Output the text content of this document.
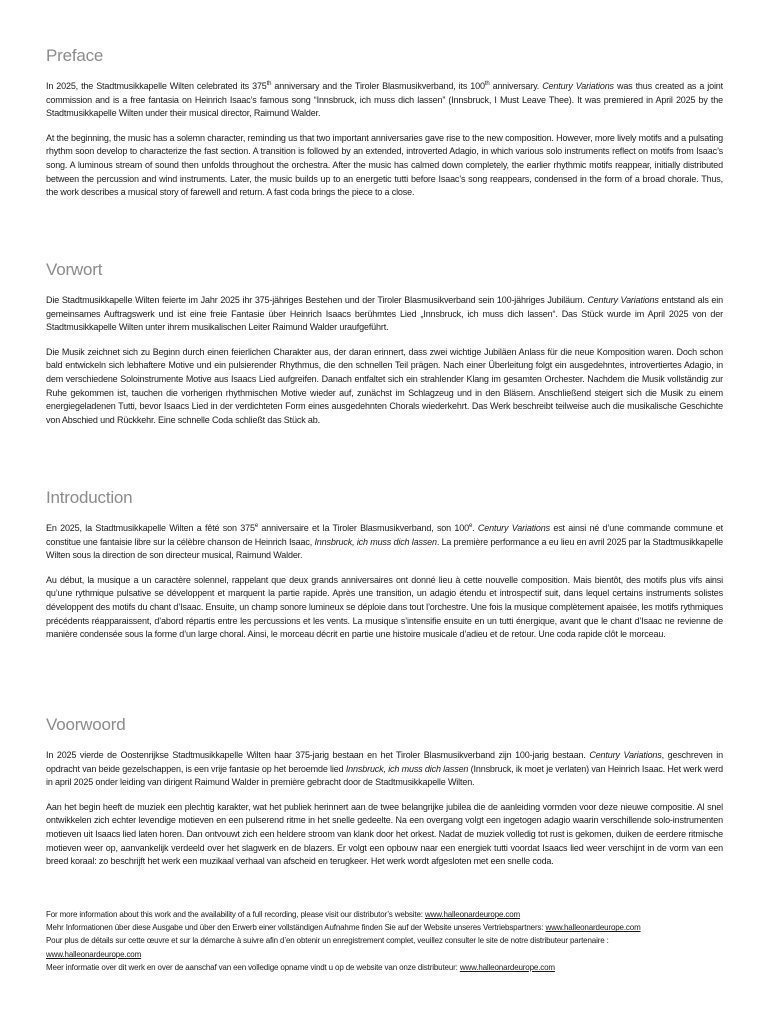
Preface

In 2025, the Stadtmusikkapelle Wilten celebrated its 375th anniversary and the Tiroler Blasmusikverband, its 100th anniversary. Century Variations was thus created as a joint commission and is a free fantasia on Heinrich Isaac’s famous song “Innsbruck, ich muss dich lassen” (Innsbruck, I Must Leave Thee). It was premiered in April 2025 by the Stadtmusikkapelle Wilten under their musical director, Raimund Walder.

At the beginning, the music has a solemn character, reminding us that two important anniversaries gave rise to the new composition. However, more lively motifs and a pulsating rhythm soon develop to characterize the fast section. A transition is followed by an extended, introverted Adagio, in which various solo instruments reflect on motifs from Isaac’s song. A luminous stream of sound then unfolds throughout the orchestra. After the music has calmed down completely, the earlier rhythmic motifs reappear, initially distributed between the percussion and wind instruments. Later, the music builds up to an energetic tutti before Isaac’s song reappears, condensed in the form of a broad chorale. Thus, the work describes a musical story of farewell and return. A fast coda brings the piece to a close.

Vorwort

Die Stadtmusikkapelle Wilten feierte im Jahr 2025 ihr 375-jähriges Bestehen und der Tiroler Blasmusikverband sein 100-jähriges Jubiläum. Century Variations entstand als ein gemeinsames Auftragswerk und ist eine freie Fantasie über Heinrich Isaacs berühmtes Lied „Innsbruck, ich muss dich lassen“. Das Stück wurde im April 2025 von der Stadtmusikkapelle Wilten unter ihrem musikalischen Leiter Raimund Walder uraufgeführt.

Die Musik zeichnet sich zu Beginn durch einen feierlichen Charakter aus, der daran erinnert, dass zwei wichtige Jubiläen Anlass für die neue Komposition waren. Doch schon bald entwickeln sich lebhaftere Motive und ein pulsierender Rhythmus, die den schnellen Teil prägen. Nach einer Überleitung folgt ein ausgedehntes, introvertiertes Adagio, in dem verschiedene Soloinstrumente Motive aus Isaacs Lied aufgreifen. Danach entfaltet sich ein strahlender Klang im gesamten Orchester. Nachdem die Musik vollständig zur Ruhe gekommen ist, tauchen die vorherigen rhythmischen Motive wieder auf, zunächst im Schlagzeug und in den Bläsern. Anschließend steigert sich die Musik zu einem energiegeladenen Tutti, bevor Isaacs Lied in der verdichteten Form eines ausgedehnten Chorals wiederkehrt. Das Werk beschreibt teilweise auch die musikalische Geschichte von Abschied und Rückkehr. Eine schnelle Coda schließt das Stück ab.

Introduction

En 2025, la Stadtmusikkapelle Wilten a fêté son 375e anniversaire et la Tiroler Blasmusikverband, son 100e. Century Variations est ainsi né d’une commande commune et constitue une fantaisie libre sur la célèbre chanson de Heinrich Isaac, Innsbruck, ich muss dich lassen. La première performance a eu lieu en avril 2025 par la Stadtmusikkapelle Wilten sous la direction de son directeur musical, Raimund Walder.

Au début, la musique a un caractère solennel, rappelant que deux grands anniversaires ont donné lieu à cette nouvelle composition. Mais bientôt, des motifs plus vifs ainsi qu’une rythmique pulsative se développent et marquent la partie rapide. Après une transition, un adagio étendu et introspectif suit, dans lequel certains instruments solistes développent des motifs du chant d’Isaac. Ensuite, un champ sonore lumineux se déploie dans tout l’orchestre. Une fois la musique complètement apaisée, les motifs rythmiques précédents réapparaissent, d’abord répartis entre les percussions et les vents. La musique s’intensifie ensuite en un tutti énergique, avant que le chant d’Isaac ne revienne de manière condensée sous la forme d’un large choral. Ainsi, le morceau décrit en partie une histoire musicale d’adieu et de retour. Une coda rapide clôt le morceau.

Voorwoord

In 2025 vierde de Oostenrijkse Stadtmusikkapelle Wilten haar 375-jarig bestaan en het Tiroler Blasmusikverband zijn 100-jarig bestaan. Century Variations, geschreven in opdracht van beide gezelschappen, is een vrije fantasie op het beroemde lied Innsbruck, ich muss dich lassen (Innsbruck, ik moet je verlaten) van Heinrich Isaac. Het werk werd in april 2025 onder leiding van dirigent Raimund Walder in première gebracht door de Stadtmusikkapelle Wilten.

Aan het begin heeft de muziek een plechtig karakter, wat het publiek herinnert aan de twee belangrijke jubilea die de aanleiding vormden voor deze nieuwe compositie. Al snel ontwikkelen zich echter levendige motieven en een pulserend ritme in het snelle gedeelte. Na een overgang volgt een ingetogen adagio waarin verschillende solo-instrumenten motieven uit Isaacs lied laten horen. Dan ontvouwt zich een heldere stroom van klank door het orkest. Nadat de muziek volledig tot rust is gekomen, duiken de eerdere ritmische motieven weer op, aanvankelijk verdeeld over het slagwerk en de blazers. Er volgt een opbouw naar een energiek tutti voordat Isaacs lied weer verschijnt in de vorm van een breed koraal: zo beschrijft het werk een muzikaal verhaal van afscheid en terugkeer. Het werk wordt afgesloten met een snelle coda.

For more information about this work and the availability of a full recording, please visit our distributor’s website: www.halleonardeurope.com
Mehr Informationen über diese Ausgabe und über den Erwerb einer vollständigen Aufnahme finden Sie auf der Website unseres Vertriebspartners: www.halleonardeurope.com
Pour plus de détails sur cette œuvre et sur la démarche à suivre afin d’en obtenir un enregistrement complet, veuillez consulter le site de notre distributeur partenaire :
www.halleonardeurope.com
Meer informatie over dit werk en over de aanschaf van een volledige opname vindt u op de website van onze distributeur: www.halleonardeurope.com
